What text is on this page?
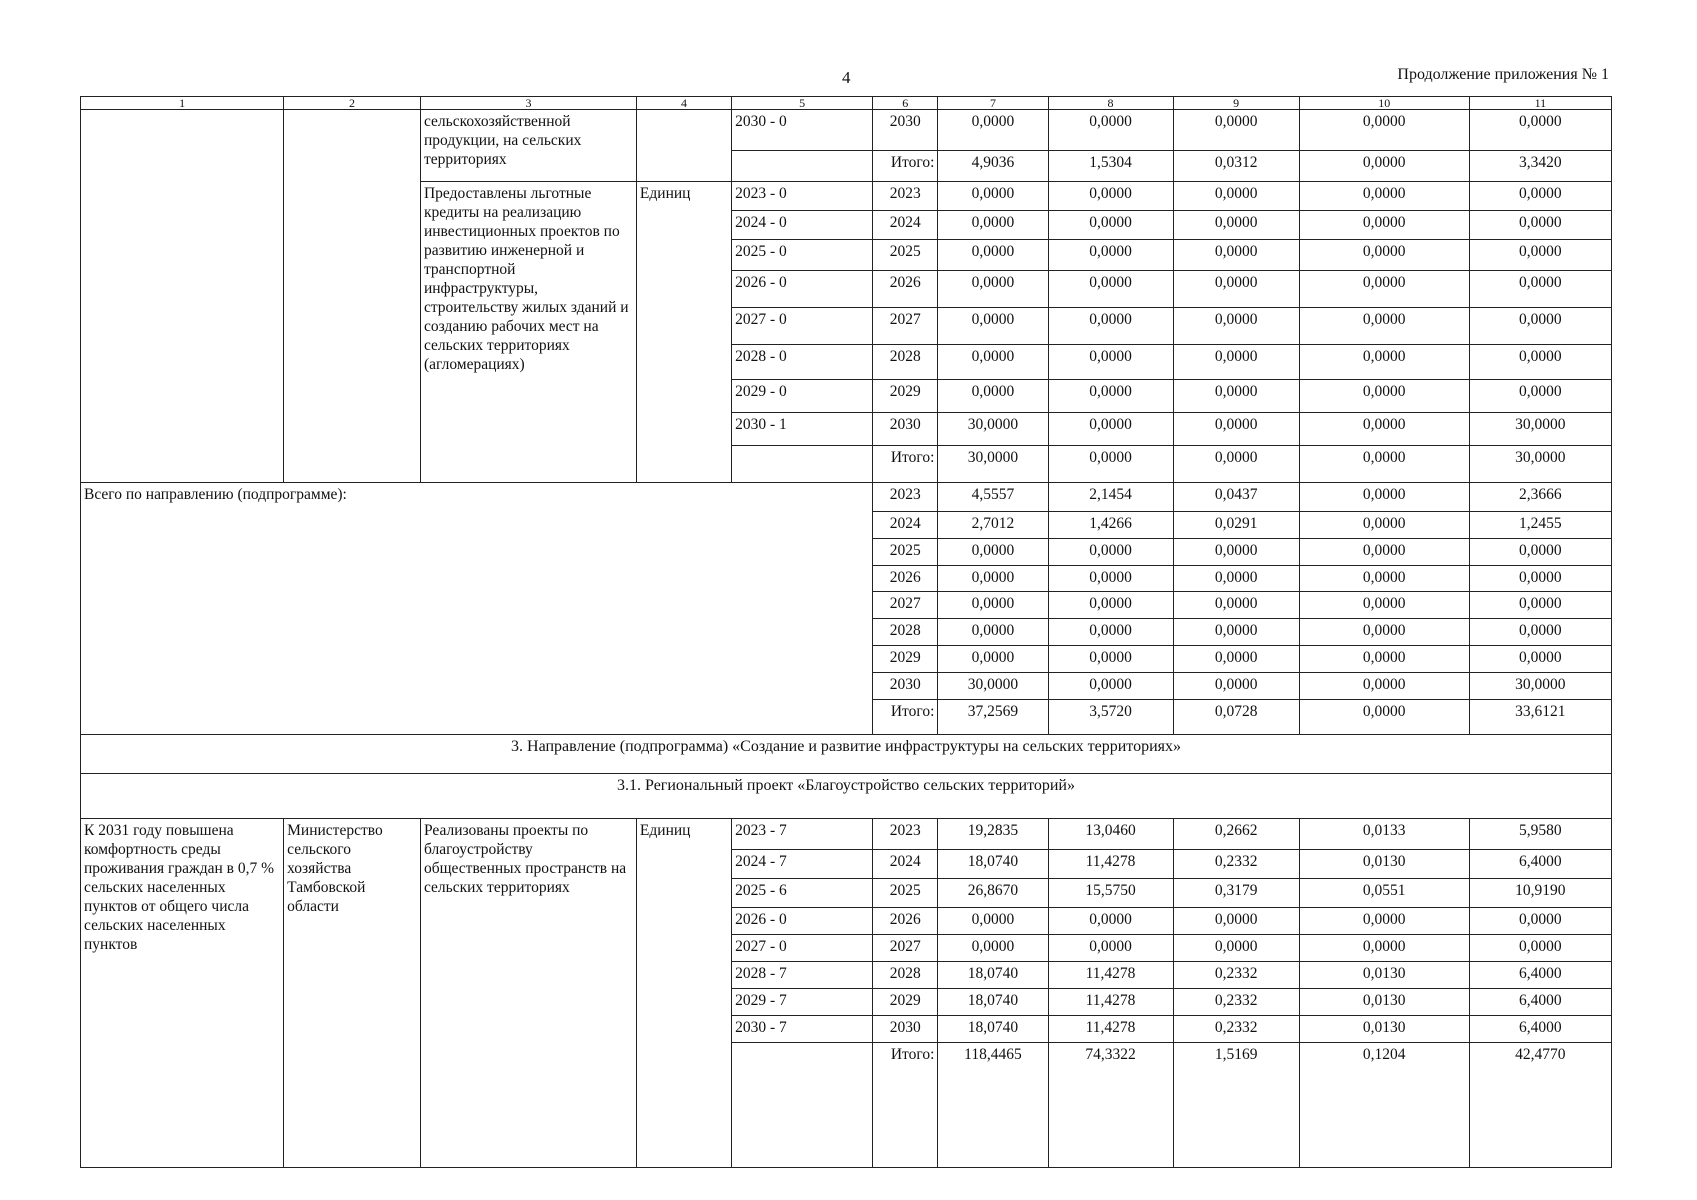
4	Продолжение приложения № 1
1	2	3	4	5	6	7	8	9	10	11
		сельскохозяйственной продукции, на сельских территориях		2030 - 0	2030	0,0000	0,0000	0,0000	0,0000	0,0000
					Итого:	4,9036	1,5304	0,0312	0,0000	3,3420
		Предоставлены льготные кредиты на реализацию инвестиционных проектов по развитию инженерной и транспортной инфраструктуры, строительству жилых зданий и созданию рабочих мест на сельских территориях (агломерациях)	Единиц	2023 - 0	2023	0,0000	0,0000	0,0000	0,0000	0,0000
				2024 - 0	2024	0,0000	0,0000	0,0000	0,0000	0,0000
				2025 - 0	2025	0,0000	0,0000	0,0000	0,0000	0,0000
				2026 - 0	2026	0,0000	0,0000	0,0000	0,0000	0,0000
				2027 - 0	2027	0,0000	0,0000	0,0000	0,0000	0,0000
				2028 - 0	2028	0,0000	0,0000	0,0000	0,0000	0,0000
				2029 - 0	2029	0,0000	0,0000	0,0000	0,0000	0,0000
				2030 - 1	2030	30,0000	0,0000	0,0000	0,0000	30,0000
					Итого:	30,0000	0,0000	0,0000	0,0000	30,0000
Всего по направлению (подпрограмме):					2023	4,5557	2,1454	0,0437	0,0000	2,3666
					2024	2,7012	1,4266	0,0291	0,0000	1,2455
					2025	0,0000	0,0000	0,0000	0,0000	0,0000
					2026	0,0000	0,0000	0,0000	0,0000	0,0000
					2027	0,0000	0,0000	0,0000	0,0000	0,0000
					2028	0,0000	0,0000	0,0000	0,0000	0,0000
					2029	0,0000	0,0000	0,0000	0,0000	0,0000
					2030	30,0000	0,0000	0,0000	0,0000	30,0000
					Итого:	37,2569	3,5720	0,0728	0,0000	33,6121
3. Направление (подпрограмма) «Создание и развитие инфраструктуры на сельских территориях»										
3.1. Региональный проект «Благоустройство сельских территорий»										
К 2031 году повышена комфортность среды проживания граждан в 0,7 % сельских населенных пунктов от общего числа сельских населенных пунктов	Министерство сельского хозяйства Тамбовской области	Реализованы проекты по благоустройству общественных пространств на сельских территориях	Единиц	2023 - 7	2023	19,2835	13,0460	0,2662	0,0133	5,9580
				2024 - 7	2024	18,0740	11,4278	0,2332	0,0130	6,4000
				2025 - 6	2025	26,8670	15,5750	0,3179	0,0551	10,9190
				2026 - 0	2026	0,0000	0,0000	0,0000	0,0000	0,0000
				2027 - 0	2027	0,0000	0,0000	0,0000	0,0000	0,0000
				2028 - 7	2028	18,0740	11,4278	0,2332	0,0130	6,4000
				2029 - 7	2029	18,0740	11,4278	0,2332	0,0130	6,4000
				2030 - 7	2030	18,0740	11,4278	0,2332	0,0130	6,4000
					Итого:	118,4465	74,3322	1,5169	0,1204	42,4770
